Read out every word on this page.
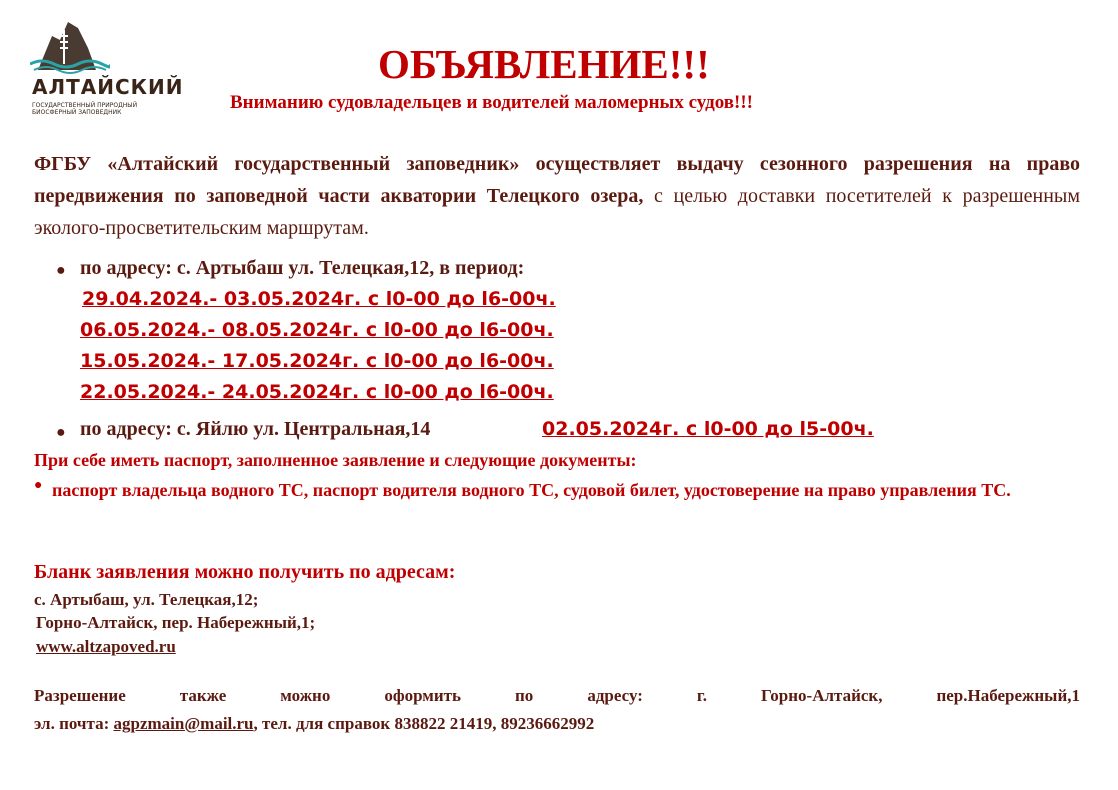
АЛТАЙСКИЙ
ГОСУДАРСТВЕННЫЙ ПРИРОДНЫЙ
БИОСФЕРНЫЙ ЗАПОВЕДНИК
ОБЪЯВЛЕНИЕ!!!
Вниманию судовладельцев и водителей маломерных судов!!!
ФГБУ «Алтайский государственный заповедник» осуществляет выдачу сезонного разрешения на право передвижения по заповедной части акватории Телецкого озера, с целью доставки посетителей к разрешенным эколого-просветительским маршрутам.
● по адресу: с. Артыбаш ул. Телецкая,12, в период:
29.04.2024.- 03.05.2024г. с l0-00 до l6-00ч.
06.05.2024.- 08.05.2024г. с l0-00 до l6-00ч.
15.05.2024.- 17.05.2024г. с l0-00 до l6-00ч.
22.05.2024.- 24.05.2024г. с l0-00 до l6-00ч.
● по адресу: с. Яйлю ул. Центральная,14	02.05.2024г. с l0-00 до l5-00ч.
При себе иметь паспорт, заполненное заявление и следующие документы:
● паспорт владельца водного ТС, паспорт водителя водного ТС, судовой билет, удостоверение на право управления ТС.
Бланк заявления можно получить по адресам:
с. Артыбаш, ул. Телецкая,12;
Горно-Алтайск, пер. Набережный,1;
www.altzapoved.ru
Разрешение также можно оформить по адресу: г. Горно-Алтайск, пер.Набережный,1
эл. почта: agpzmain@mail.ru, тел. для справок 838822 21419, 89236662992
